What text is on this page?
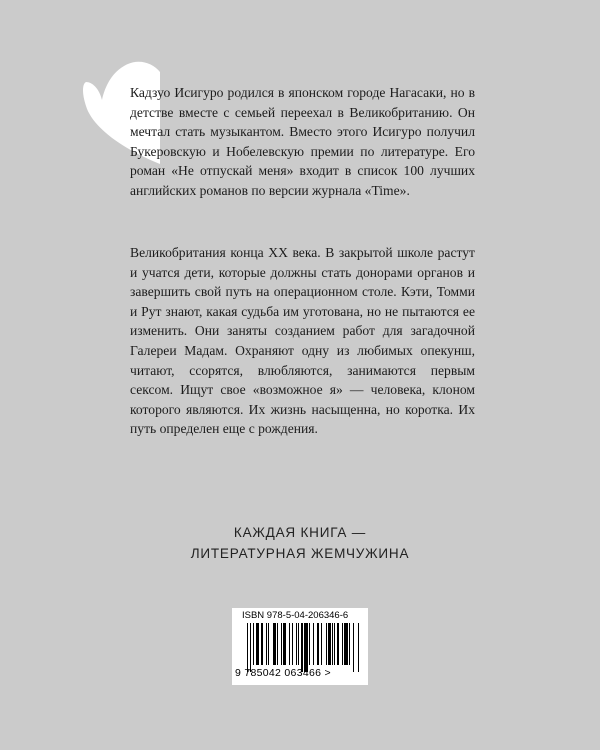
Кадзуо Исигуро родился в японском городе Нагасаки, но в детстве вместе с семьей переехал в Великобританию. Он мечтал стать музыкантом. Вместо этого Исигуро получил Букеровскую и Нобелевскую премии по литературе. Его роман «Не отпускай меня» входит в список 100 лучших английских романов по версии журнала «Time».

Великобритания конца XX века. В закрытой школе растут и учатся дети, которые должны стать донорами органов и завершить свой путь на операционном столе. Кэти, Томми и Рут знают, какая судьба им уготована, но не пытаются ее изменить. Они заняты созданием работ для загадочной Галереи Мадам. Охраняют одну из любимых опекунш, читают, ссорятся, влюбляются, занимаются первым сексом. Ищут свое «возможное я» — человека, клоном которого являются. Их жизнь насыщенна, но коротка. Их путь определен еще с рождения.

КАЖДАЯ КНИГА —
ЛИТЕРАТУРНАЯ ЖЕМЧУЖИНА
ISBN 978-5-04-206346-6
9 785042 063466 >
